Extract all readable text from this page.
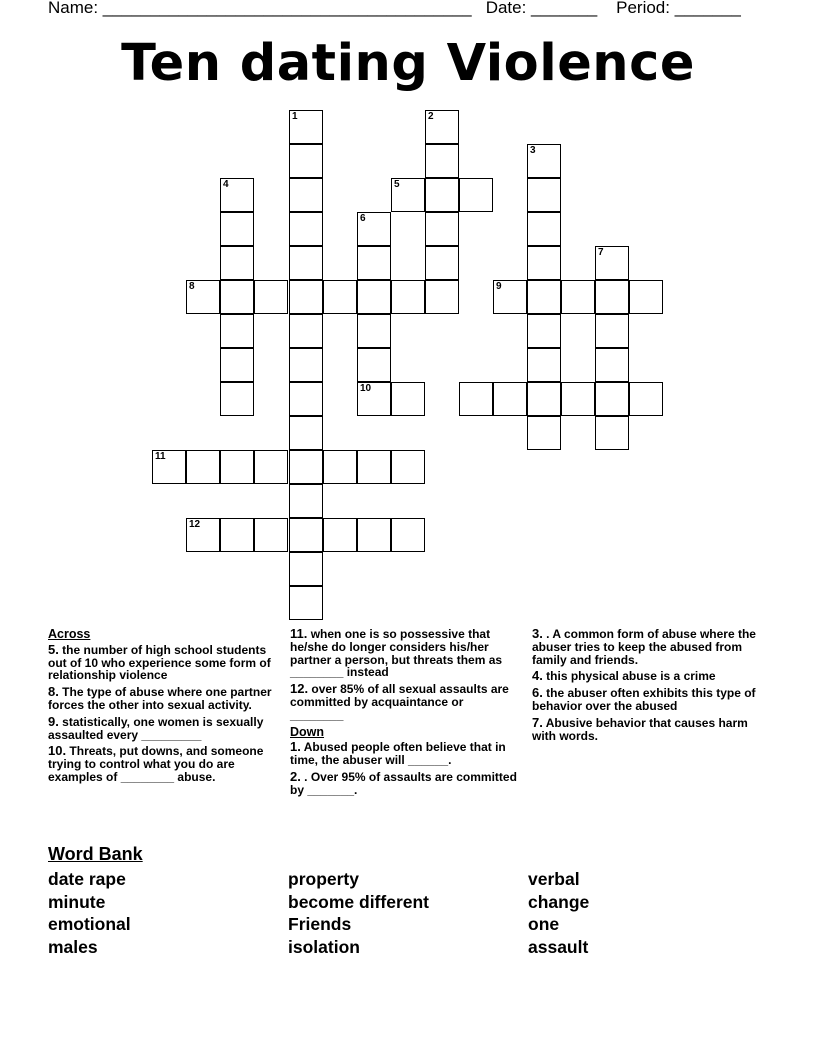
Name: _______________________________________   Date: _______    Period: _______
Ten dating Violence
1	2
3
4	5
6
10
7
8	9
11
12
Across
5. the number of high school students out of 10 who experience some form of relationship violence
8. The type of abuse where one partner forces the other into sexual activity.
9. statistically, one women is sexually assaulted every _________
10. Threats, put downs, and someone trying to control what you do are examples of ________ abuse.
11. when one is so possessive that he/she do longer considers his/her partner a person, but threats them as ________ instead
12. over 85% of all sexual assaults are committed by acquaintance or ________
Down
1. Abused people often believe that in time, the abuser will ______.
2. . Over 95% of assaults are committed by _______.
3. . A common form of abuse where the abuser tries to keep the abused from family and friends.
4. this physical abuse is a crime
6. the abuser often exhibits this type of behavior over the abused
7. Abusive behavior that causes harm with words.
Word Bank
date rape
minute
emotional
males
property
become different
Friends
isolation
verbal
change
one
assault
